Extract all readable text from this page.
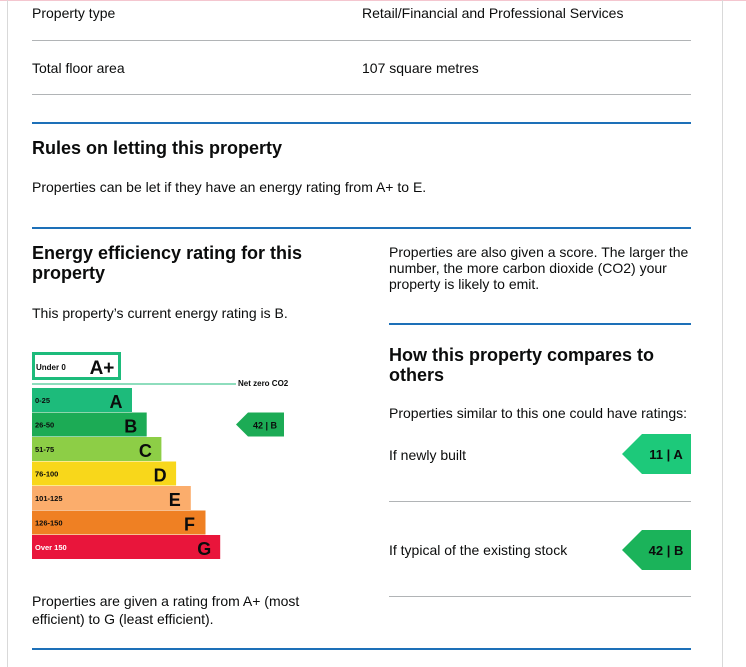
Property type	Retail/Financial and Professional Services

Total floor area	107 square metres

Rules on letting this property

Properties can be let if they have an energy rating from A+ to E.

Energy efficiency rating for this property

This property’s current energy rating is B.

Under 0 A+
Net zero CO2
0-25	A
26-50	B
51-75	C
76-100	D
101-125	E
126-150	F
Over 150	G
42 | B

Properties are given a rating from A+ (most efficient) to G (least efficient).

Properties are also given a score. The larger the number, the more carbon dioxide (CO2) your property is likely to emit.

How this property compares to others

Properties similar to this one could have ratings:

If newly built	11 | A

If typical of the existing stock	42 | B
